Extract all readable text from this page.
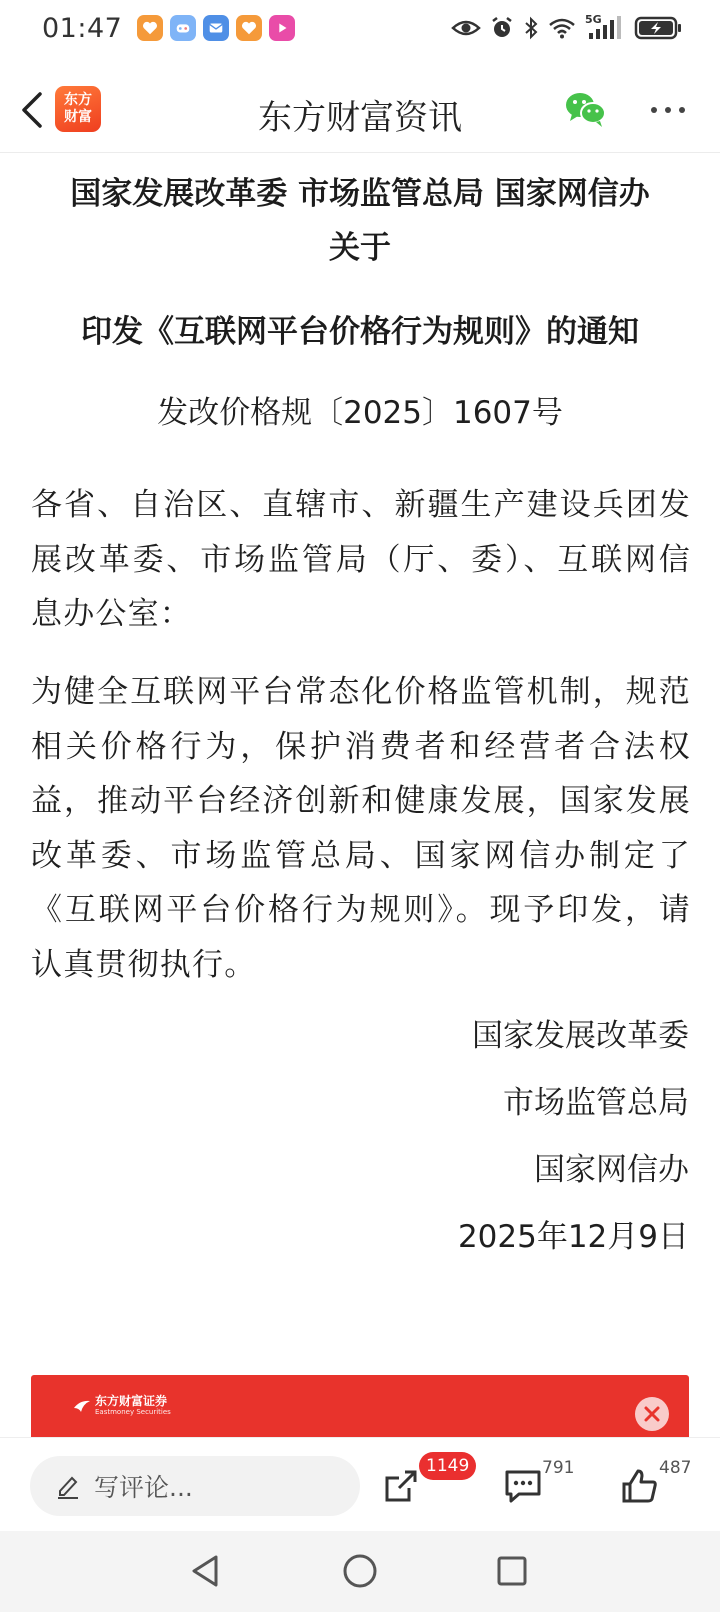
01:47	5G
东方
财富	东方财富资讯
国家发展改革委 市场监管总局 国家网信办
关于
印发《互联网平台价格行为规则》的通知
发改价格规〔2025〕1607号
各省、自治区、直辖市、新疆生产建设兵团发展改革委、市场监管局（厅、委）、互联网信息办公室：
为健全互联网平台常态化价格监管机制，规范相关价格行为，保护消费者和经营者合法权益，推动平台经济创新和健康发展，国家发展改革委、市场监管总局、国家网信办制定了《互联网平台价格行为规则》。现予印发，请认真贯彻执行。
国家发展改革委
市场监管总局
国家网信办
2025年12月9日
东方财富证券
Eastmoney Securities
写评论...
1149	791	487
